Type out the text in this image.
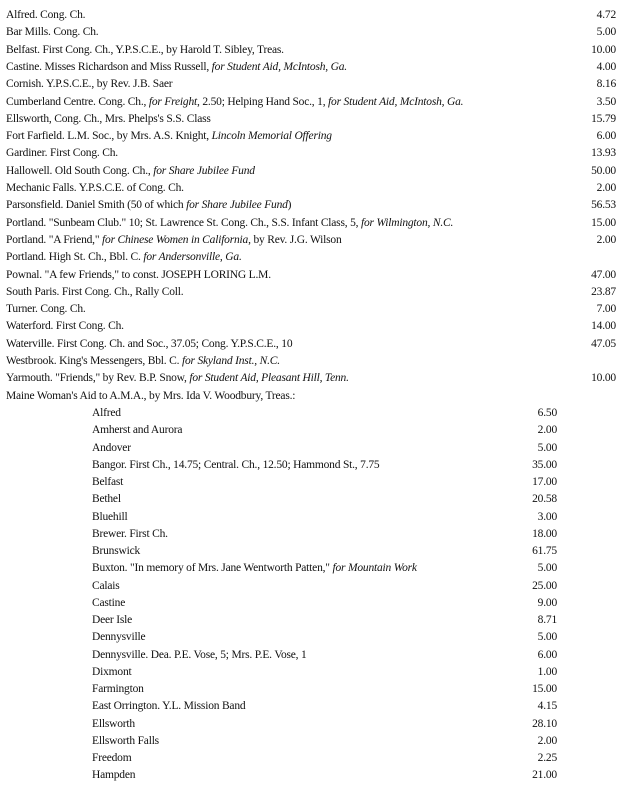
Alfred. Cong. Ch.	4.72
Bar Mills. Cong. Ch.	5.00
Belfast. First Cong. Ch., Y.P.S.C.E., by Harold T. Sibley, Treas.	10.00
Castine. Misses Richardson and Miss Russell, for Student Aid, McIntosh, Ga.	4.00
Cornish. Y.P.S.C.E., by Rev. J.B. Saer	8.16
Cumberland Centre. Cong. Ch., for Freight, 2.50; Helping Hand Soc., 1, for Student Aid, McIntosh, Ga.	3.50
Ellsworth, Cong. Ch., Mrs. Phelps's S.S. Class	15.79
Fort Farfield. L.M. Soc., by Mrs. A.S. Knight, Lincoln Memorial Offering	6.00
Gardiner. First Cong. Ch.	13.93
Hallowell. Old South Cong. Ch., for Share Jubilee Fund	50.00
Mechanic Falls. Y.P.S.C.E. of Cong. Ch.	2.00
Parsonsfield. Daniel Smith (50 of which for Share Jubilee Fund)	56.53
Portland. "Sunbeam Club." 10; St. Lawrence St. Cong. Ch., S.S. Infant Class, 5, for Wilmington, N.C.	15.00
Portland. "A Friend," for Chinese Women in California, by Rev. J.G. Wilson	2.00
Portland. High St. Ch., Bbl. C. for Andersonville, Ga.
Pownal. "A few Friends," to const. JOSEPH LORING L.M.	47.00
South Paris. First Cong. Ch., Rally Coll.	23.87
Turner. Cong. Ch.	7.00
Waterford. First Cong. Ch.	14.00
Waterville. First Cong. Ch. and Soc., 37.05; Cong. Y.P.S.C.E., 10	47.05
Westbrook. King's Messengers, Bbl. C. for Skyland Inst., N.C.
Yarmouth. "Friends," by Rev. B.P. Snow, for Student Aid, Pleasant Hill, Tenn.	10.00
Maine Woman's Aid to A.M.A., by Mrs. Ida V. Woodbury, Treas.:
Alfred	6.50
Amherst and Aurora	2.00
Andover	5.00
Bangor. First Ch., 14.75; Central. Ch., 12.50; Hammond St., 7.75	35.00
Belfast	17.00
Bethel	20.58
Bluehill	3.00
Brewer. First Ch.	18.00
Brunswick	61.75
Buxton. "In memory of Mrs. Jane Wentworth Patten," for Mountain Work	5.00
Calais	25.00
Castine	9.00
Deer Isle	8.71
Dennysville	5.00
Dennysville. Dea. P.E. Vose, 5; Mrs. P.E. Vose, 1	6.00
Dixmont	1.00
Farmington	15.00
East Orrington. Y.L. Mission Band	4.15
Ellsworth	28.10
Ellsworth Falls	2.00
Freedom	2.25
Hampden	21.00
